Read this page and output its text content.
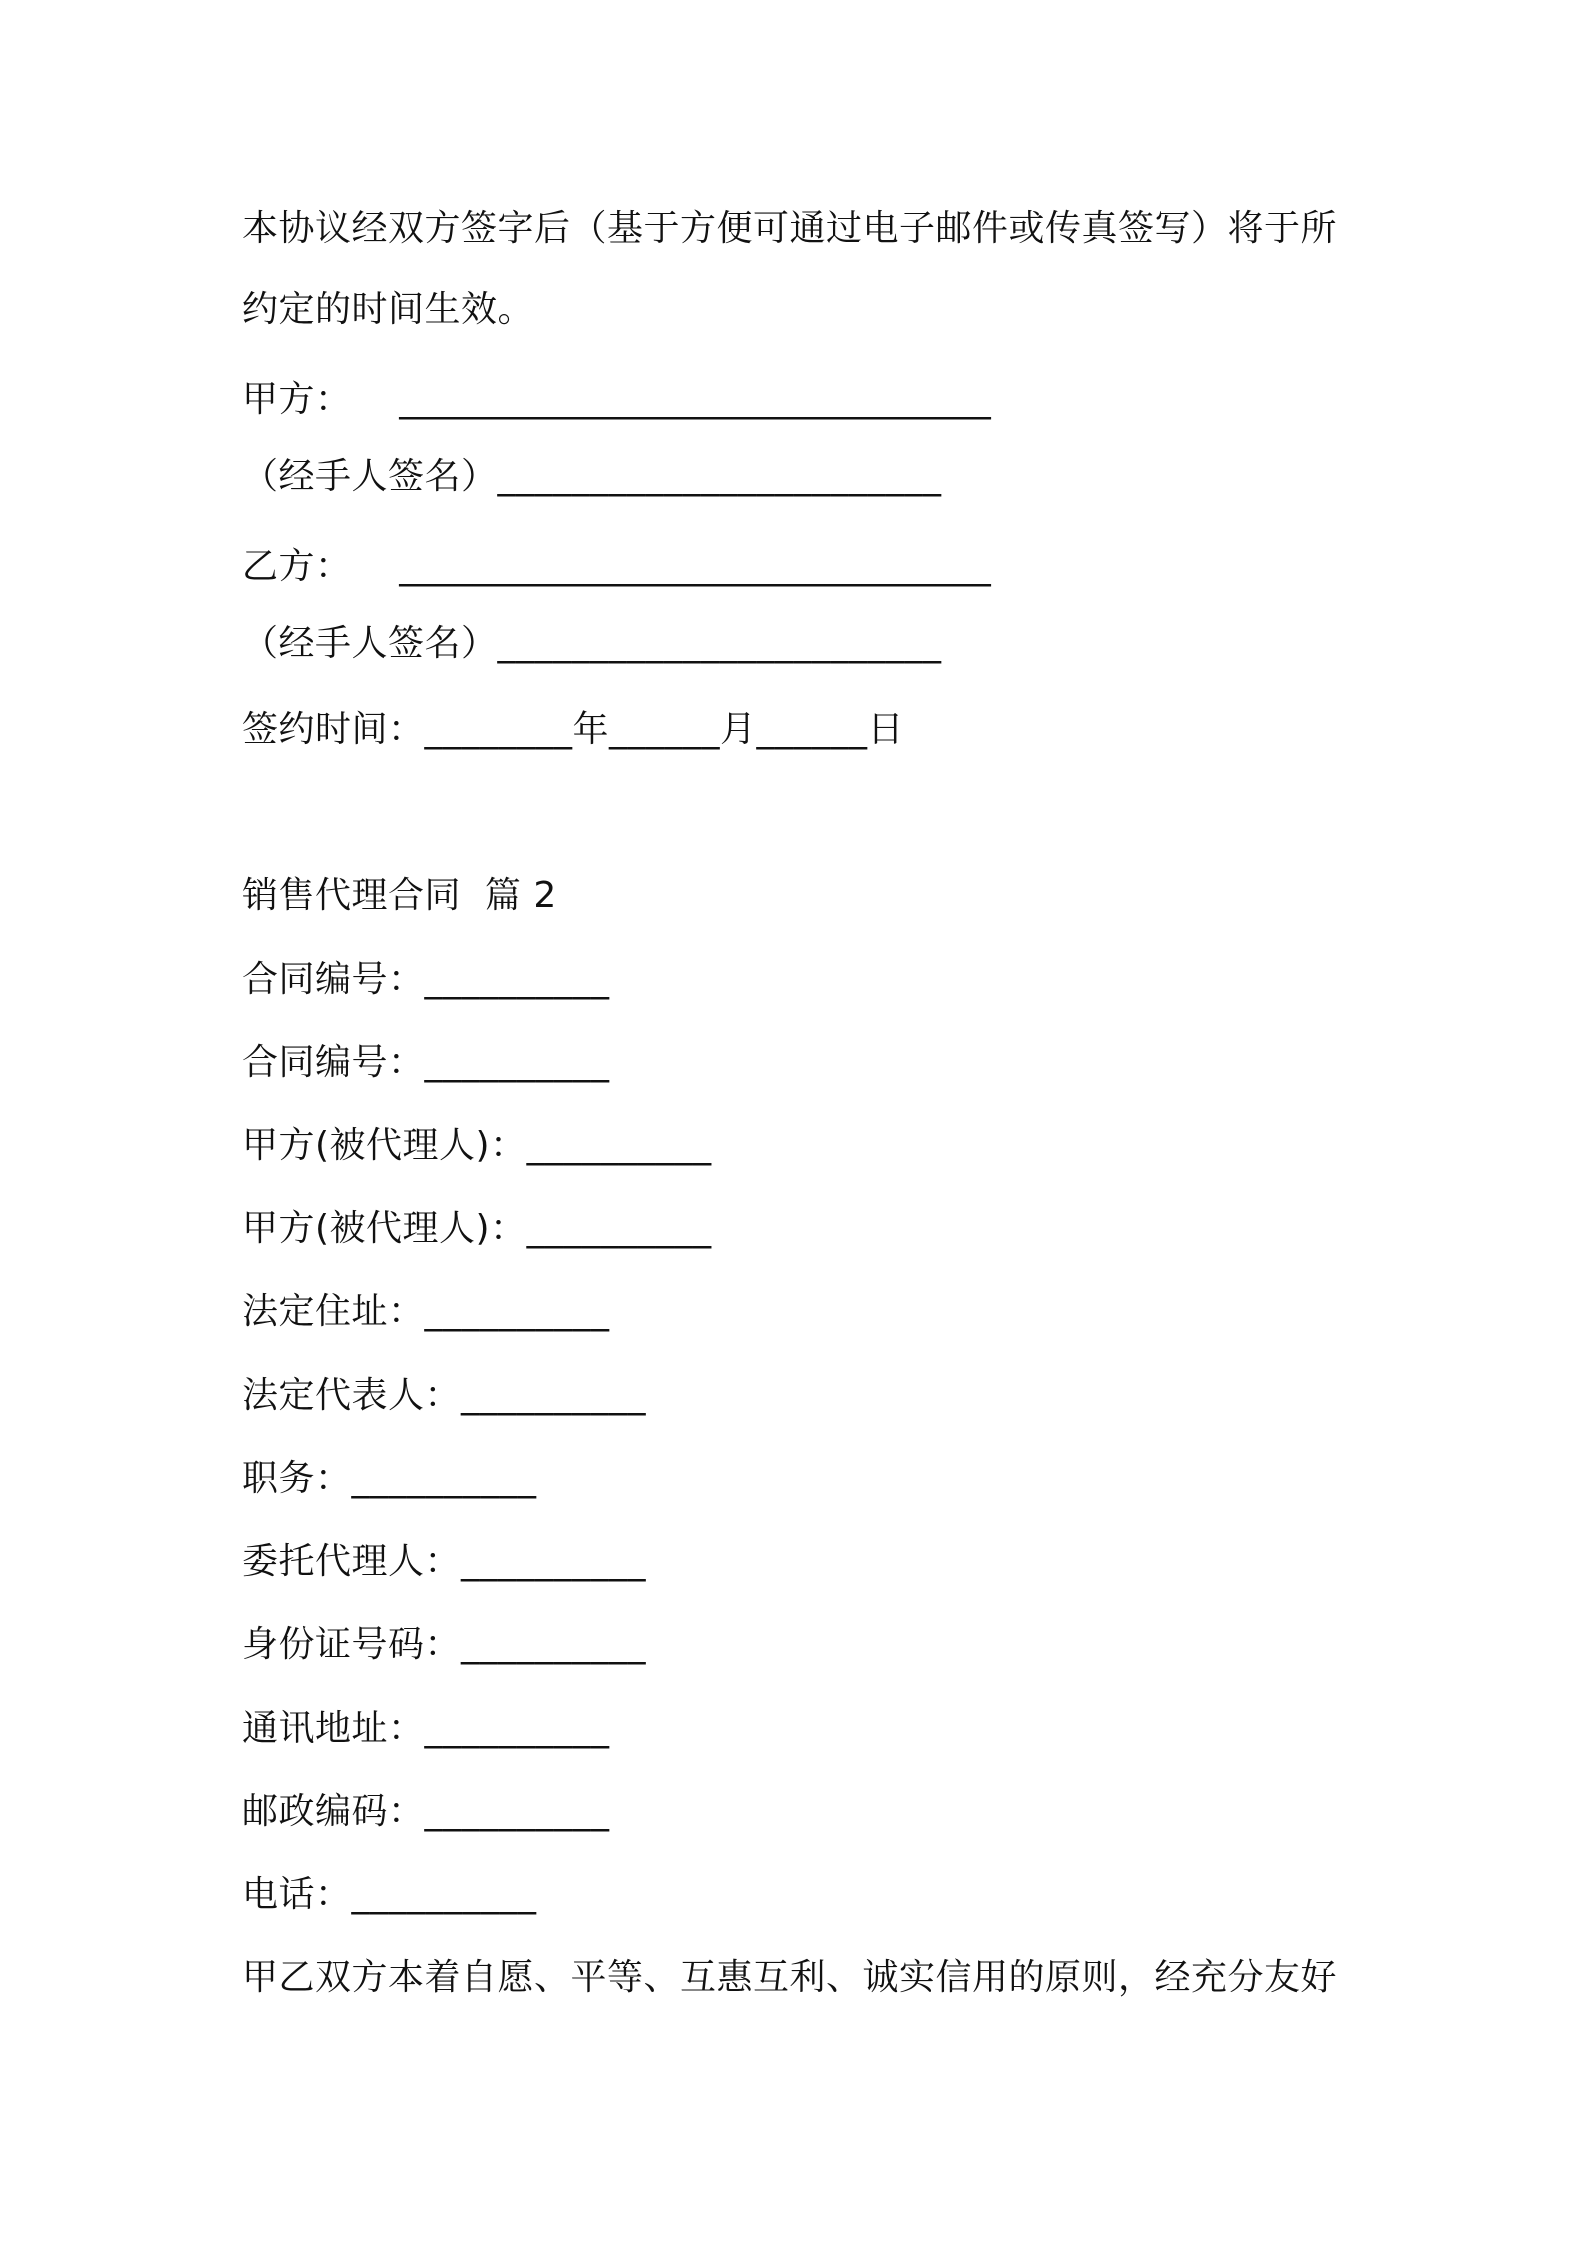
本协议经双方签字后（基于方便可通过电子邮件或传真签写）将于所
约定的时间生效。
甲方：    ________________________________
（经手人签名）________________________
乙方：    ________________________________
（经手人签名）________________________
签约时间：________年______月______日
销售代理合同  篇 2
合同编号：__________
合同编号：__________
甲方(被代理人)：__________
甲方(被代理人)：__________
法定住址：__________
法定代表人：__________
职务：__________
委托代理人：__________
身份证号码：__________
通讯地址：__________
邮政编码：__________
电话：__________
甲乙双方本着自愿、平等、互惠互利、诚实信用的原则，经充分友好
